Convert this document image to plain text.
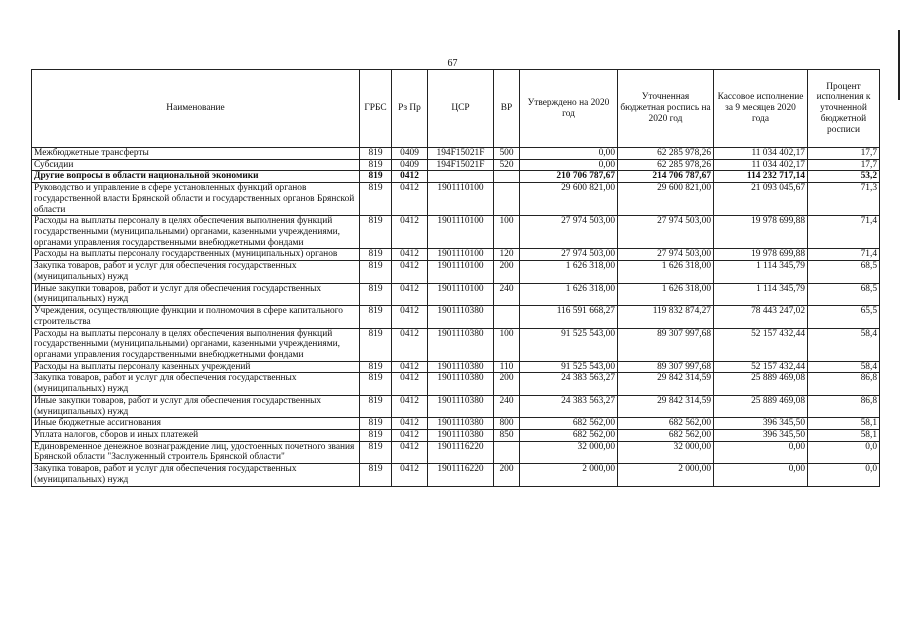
67
Наименование	ГРБС	Рз Пр	ЦСР	ВР	Утверждено на 2020 год	Уточненная бюджетная роспись на 2020 год	Кассовое исполнение за 9 месяцев 2020 года	Процент исполнения к уточненной бюджетной росписи
Межбюджетные трансферты	819	0409	194F15021F	500	0,00	62 285 978,26	11 034 402,17	17,7
Субсидии	819	0409	194F15021F	520	0,00	62 285 978,26	11 034 402,17	17,7
Другие вопросы в области национальной экономики	819	0412			210 706 787,67	214 706 787,67	114 232 717,14	53,2
Руководство и управление в сфере установленных функций органов государственной власти Брянской области и государственных органов Брянской области	819	0412	1901110100		29 600 821,00	29 600 821,00	21 093 045,67	71,3
Расходы на выплаты персоналу в целях обеспечения выполнения функций государственными (муниципальными) органами, казенными учреждениями, органами управления государственными внебюджетными фондами	819	0412	1901110100	100	27 974 503,00	27 974 503,00	19 978 699,88	71,4
Расходы на выплаты персоналу государственных (муниципальных) органов	819	0412	1901110100	120	27 974 503,00	27 974 503,00	19 978 699,88	71,4
Закупка товаров, работ и услуг для обеспечения государственных (муниципальных) нужд	819	0412	1901110100	200	1 626 318,00	1 626 318,00	1 114 345,79	68,5
Иные закупки товаров, работ и услуг для обеспечения государственных (муниципальных) нужд	819	0412	1901110100	240	1 626 318,00	1 626 318,00	1 114 345,79	68,5
Учреждения, осуществляющие функции и полномочия в сфере капитального строительства	819	0412	1901110380		116 591 668,27	119 832 874,27	78 443 247,02	65,5
Расходы на выплаты персоналу в целях обеспечения выполнения функций государственными (муниципальными) органами, казенными учреждениями, органами управления государственными внебюджетными фондами	819	0412	1901110380	100	91 525 543,00	89 307 997,68	52 157 432,44	58,4
Расходы на выплаты персоналу казенных учреждений	819	0412	1901110380	110	91 525 543,00	89 307 997,68	52 157 432,44	58,4
Закупка товаров, работ и услуг для обеспечения государственных (муниципальных) нужд	819	0412	1901110380	200	24 383 563,27	29 842 314,59	25 889 469,08	86,8
Иные закупки товаров, работ и услуг для обеспечения государственных (муниципальных) нужд	819	0412	1901110380	240	24 383 563,27	29 842 314,59	25 889 469,08	86,8
Иные бюджетные ассигнования	819	0412	1901110380	800	682 562,00	682 562,00	396 345,50	58,1
Уплата налогов, сборов и иных платежей	819	0412	1901110380	850	682 562,00	682 562,00	396 345,50	58,1
Единовременное денежное вознаграждение лиц, удостоенных почетного звания Брянской области "Заслуженный строитель Брянской области"	819	0412	1901116220		32 000,00	32 000,00	0,00	0,0
Закупка товаров, работ и услуг для обеспечения государственных (муниципальных) нужд	819	0412	1901116220	200	2 000,00	2 000,00	0,00	0,0
